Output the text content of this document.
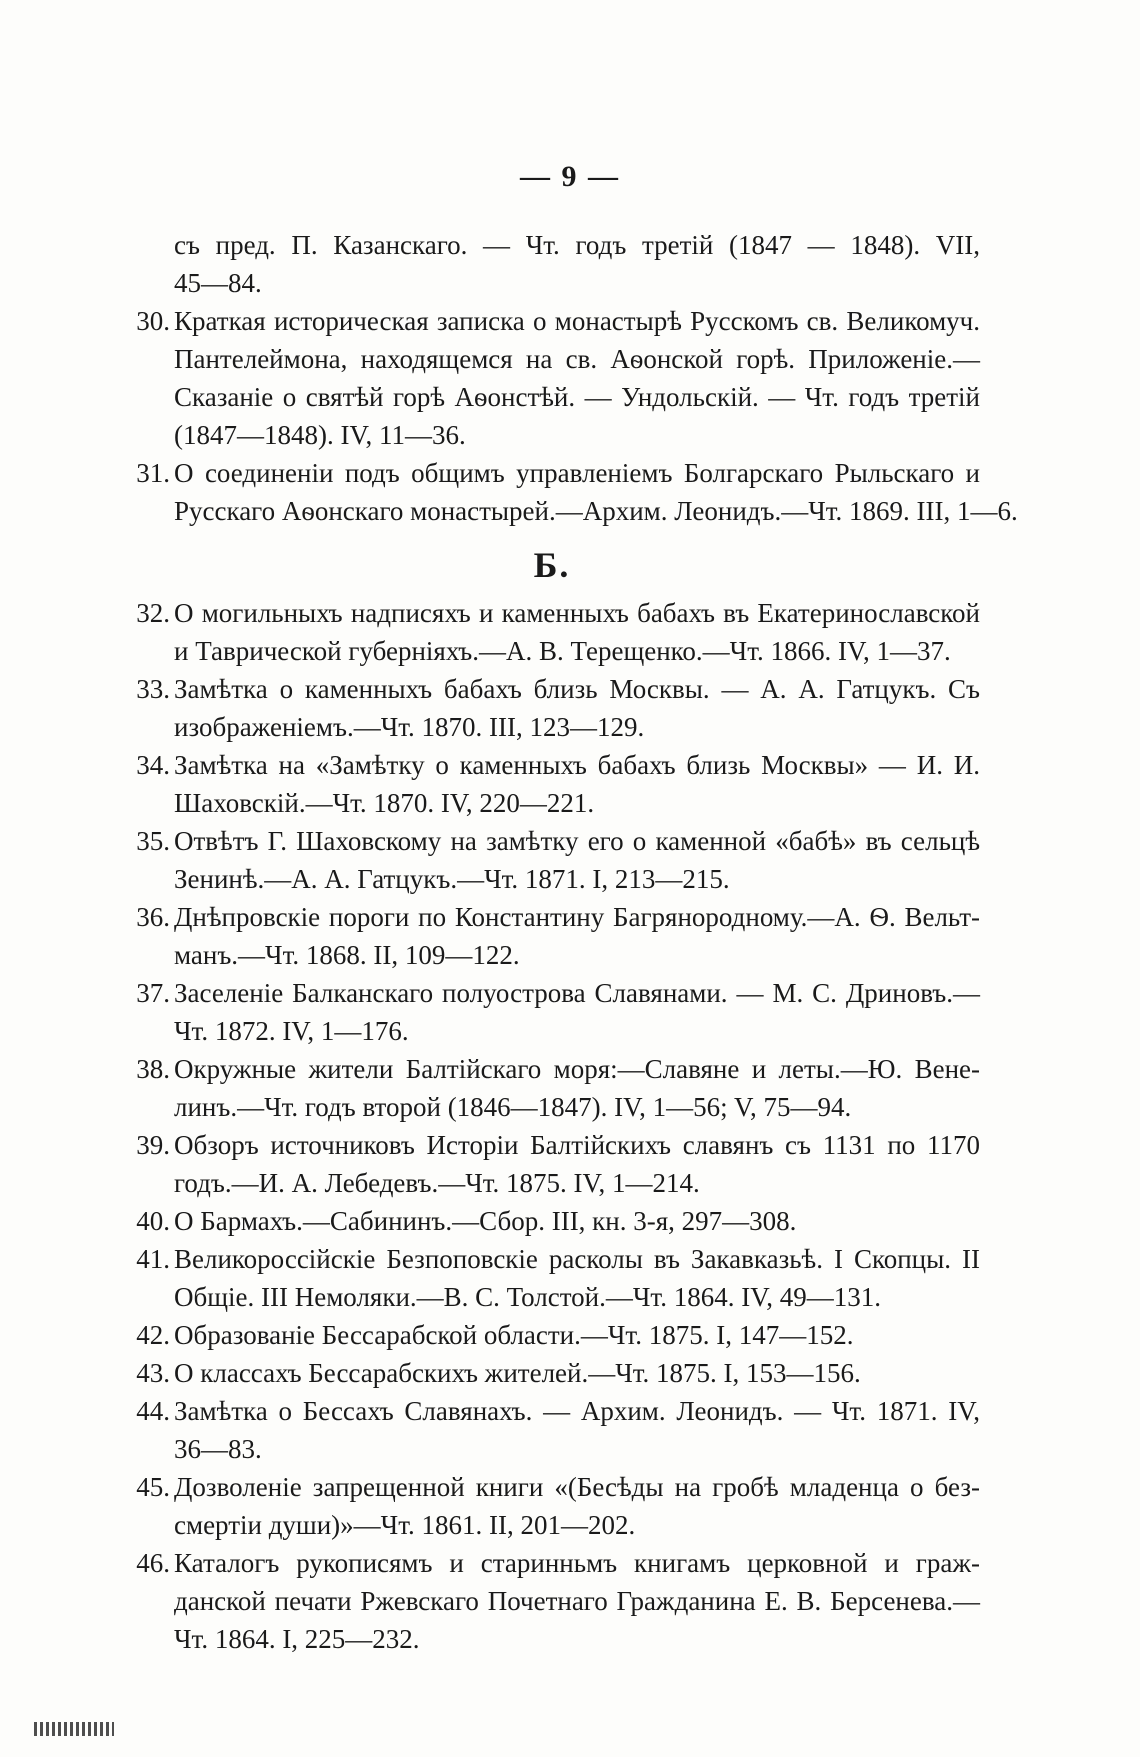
— 9 —
съ пред. П. Казанскаго. — Чт. годъ третій (1847 — 1848). VII,
45—84.
30. Краткая историческая записка о монастырѣ Русскомъ св. Великомуч.
Пантелеймона, находящемся на св. Аѳонской горѣ. Приложеніе.—
Сказаніе о святѣй горѣ Аѳонстѣй. — Ундольскій. — Чт. годъ третій
(1847—1848). IV, 11—36.
31. О соединеніи подъ общимъ управленіемъ Болгарскаго Рыльскаго и
Русскаго Аѳонскаго монастырей.—Архим. Леонидъ.—Чт. 1869. III, 1—6.
Б.
32. О могильныхъ надписяхъ и каменныхъ бабахъ въ Екатеринославской
и Таврической губерніяхъ.—А. В. Терещенко.—Чт. 1866. IV, 1—37.
33. Замѣтка о каменныхъ бабахъ близь Москвы. — А. А. Гатцукъ. Съ
изображеніемъ.—Чт. 1870. III, 123—129.
34. Замѣтка на «Замѣтку о каменныхъ бабахъ близь Москвы» — И. И.
Шаховскій.—Чт. 1870. IV, 220—221.
35. Отвѣтъ Г. Шаховскому на замѣтку его о каменной «бабѣ» въ сельцѣ
Зенинѣ.—А. А. Гатцукъ.—Чт. 1871. I, 213—215.
36. Днѣпровскіе пороги по Константину Багрянородному.—А. Ѳ. Вельт-
манъ.—Чт. 1868. II, 109—122.
37. Заселеніе Балканскаго полуострова Славянами. — М. С. Дриновъ.—
Чт. 1872. IV, 1—176.
38. Окружные жители Балтійскаго моря:—Славяне и леты.—Ю. Вене-
линъ.—Чт. годъ второй (1846—1847). IV, 1—56; V, 75—94.
39. Обзоръ источниковъ Исторіи Балтійскихъ славянъ съ 1131 по 1170
годъ.—И. А. Лебедевъ.—Чт. 1875. IV, 1—214.
40. О Бармахъ.—Сабининъ.—Сбор. III, кн. 3-я, 297—308.
41. Великороссійскіе Безпоповскіе расколы въ Закавказьѣ. I Скопцы. II
Общіе. III Немоляки.—В. С. Толстой.—Чт. 1864. IV, 49—131.
42. Образованіе Бессарабской области.—Чт. 1875. I, 147—152.
43. О классахъ Бессарабскихъ жителей.—Чт. 1875. I, 153—156.
44. Замѣтка о Бессахъ Славянахъ. — Архим. Леонидъ. — Чт. 1871. IV,
36—83.
45. Дозволеніе запрещенной книги «(Бесѣды на гробѣ младенца о без-
смертіи души)»—Чт. 1861. II, 201—202.
46. Каталогъ рукописямъ и старинньмъ книгамъ церковной и граж-
данской печати Ржевскаго Почетнаго Гражданина Е. В. Берсенева.—
Чт. 1864. I, 225—232.
